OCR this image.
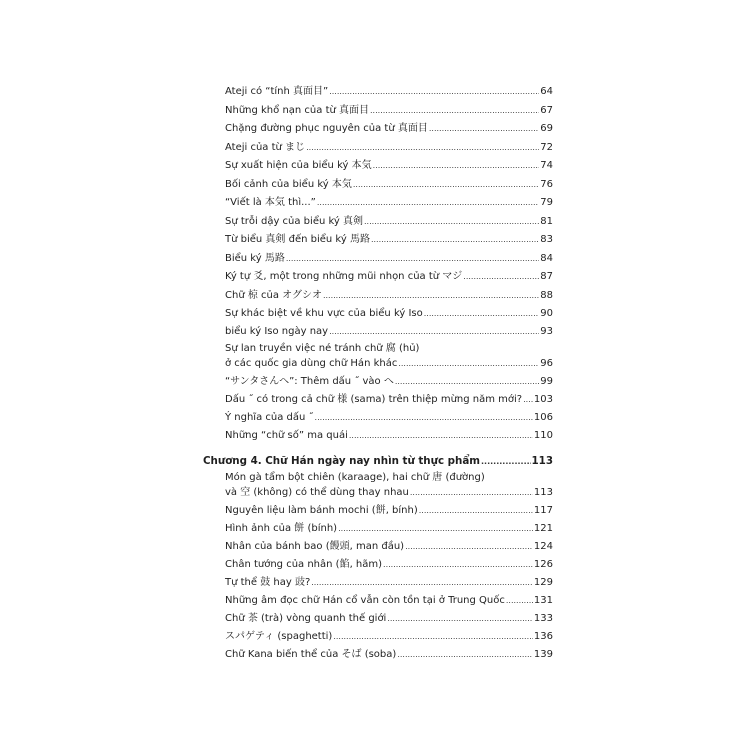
Ateji có “tính 真面目” .....	64
Những khổ nạn của từ 真面目 .....	67
Chặng đường phục nguyên của từ 真面目 .....	69
Ateji của từ まじ .....	72
Sự xuất hiện của biểu ký 本気 .....	74
Bối cảnh của biểu ký 本気 .....	76
“Viết là 本気 thì...” .....	79
Sự trỗi dậy của biểu ký 真剣 .....	81
Từ biểu 真剣 đến biểu ký 馬路 .....	83
Biểu ký 馬路 .....	84
Ký tự 爻, một trong những mũi nhọn của từ マジ .....	87
Chữ 椋 của オグシオ .....	88
Sự khác biệt về khu vực của biểu ký Iso .....	90
biểu ký Iso ngày nay .....	93
Sự lan truyền việc né tránh chữ 腐 (hủ)
ở các quốc gia dùng chữ Hán khác .....	96
“サンタさんへ”: Thêm dấu ˝ vào へ .....	99
Dấu ˝ có trong cả chữ 様 (sama) trên thiệp mừng năm mới? ..... 103
Ý nghĩa của dấu ˝ .....	106
Những “chữ số” ma quái .....	110
Chương 4. Chữ Hán ngày nay nhìn từ thực phẩm .....	113
Món gà tẩm bột chiên (karaage), hai chữ 唐 (đường)
và 空 (không) có thể dùng thay nhau .....	113
Nguyên liệu làm bánh mochi (餅, bính) .....	117
Hình ảnh của 餅 (bính) .....	121
Nhân của bánh bao (饅頭, man đầu) .....	124
Chân tướng của nhân (餡, hãm) .....	126
Tự thể 鼓 hay 豉? .....	129
Những âm đọc chữ Hán cổ vẫn còn tồn tại ở Trung Quốc .....	131
Chữ 茶 (trà) vòng quanh thế giới .....	133
スパゲティ (spaghetti) .....	136
Chữ Kana biến thể của そば (soba) .....	139
